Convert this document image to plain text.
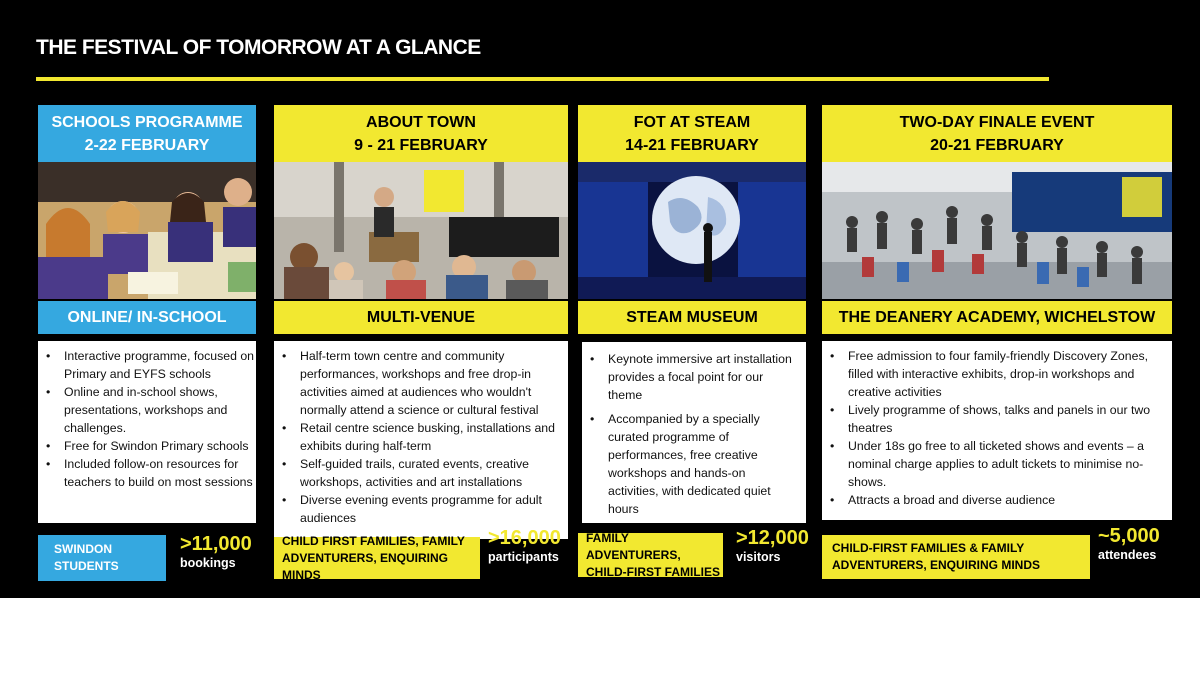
THE FESTIVAL OF TOMORROW AT A GLANCE
SCHOOLS PROGRAMME
2-22 FEBRUARY
ONLINE/ IN-SCHOOL
• Interactive programme, focused on Primary and EYFS schools
• Online and in-school shows, presentations, workshops and challenges.
• Free for Swindon Primary schools
• Included follow-on resources for teachers to build on most sessions
SWINDON
STUDENTS
>11,000
bookings
ABOUT TOWN
9 - 21 FEBRUARY
MULTI-VENUE
• Half-term town centre and community performances, workshops and free drop-in activities aimed at audiences who wouldn't normally attend a science or cultural festival
• Retail centre science busking, installations and exhibits during half-term
• Self-guided trails, curated events, creative workshops, activities and art installations
• Diverse evening events programme for adult audiences
CHILD FIRST FAMILIES, FAMILY
ADVENTURERS, ENQUIRING MINDS
>16,000
participants
FOT AT STEAM
14-21 FEBRUARY
STEAM MUSEUM
• Keynote immersive art installation provides a focal point for our theme
• Accompanied by a specially curated programme of performances, free creative workshops and hands-on activities, with dedicated quiet hours
FAMILY ADVENTURERS,
CHILD-FIRST FAMILIES
>12,000
visitors
TWO-DAY FINALE EVENT
20-21 FEBRUARY
THE DEANERY ACADEMY, WICHELSTOW
• Free admission to four family-friendly Discovery Zones, filled with interactive exhibits, drop-in workshops and creative activities
• Lively programme of shows, talks and panels in our two theatres
• Under 18s go free to all ticketed shows and events – a nominal charge applies to adult tickets to minimise no-shows.
• Attracts a broad and diverse audience
CHILD-FIRST FAMILIES & FAMILY
ADVENTURERS, ENQUIRING MINDS
~5,000
attendees
